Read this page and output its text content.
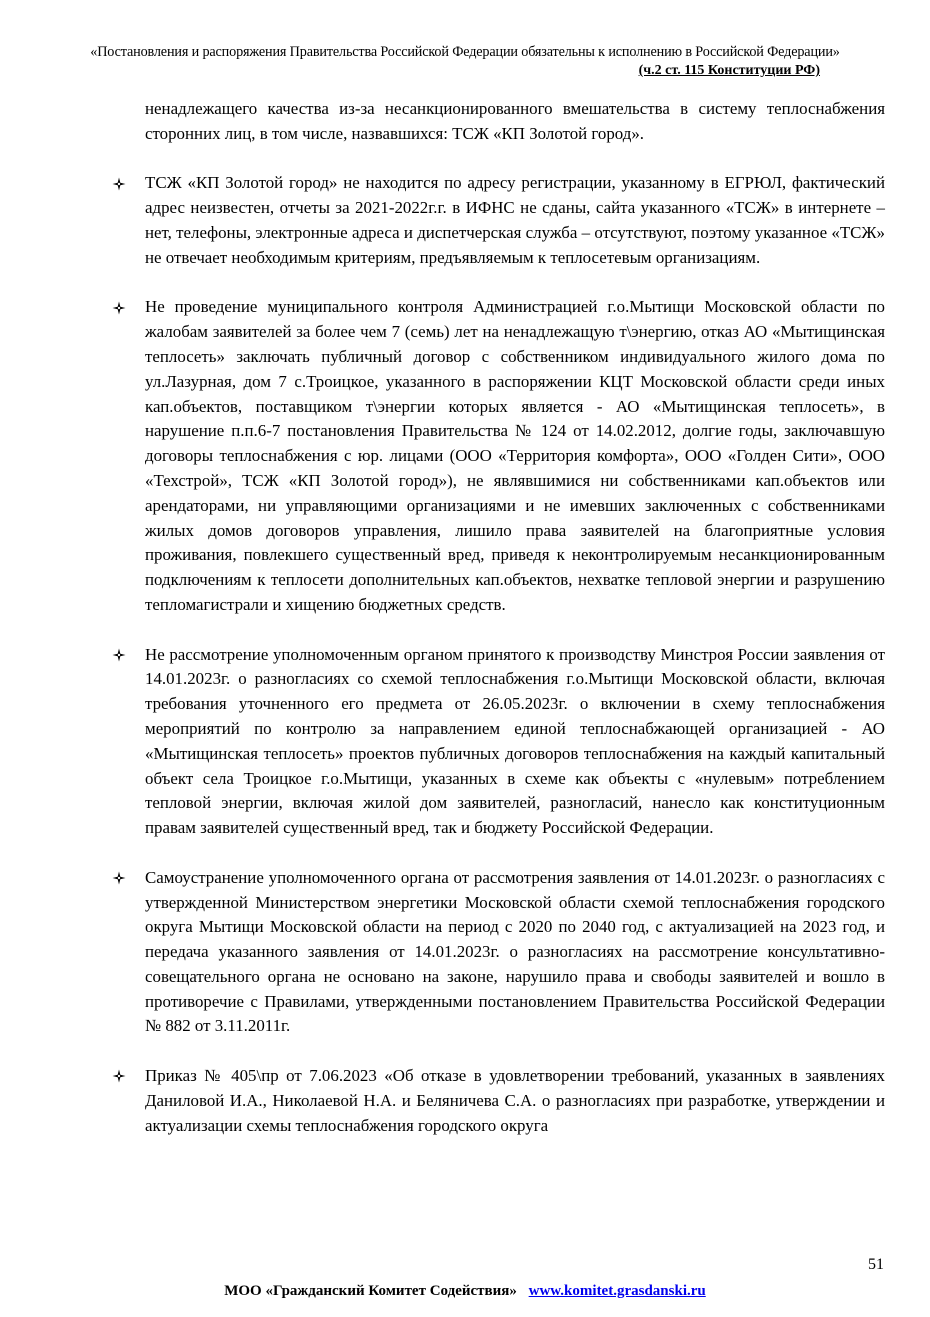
«Постановления и распоряжения Правительства Российской Федерации обязательны к исполнению в Российской Федерации»
(ч.2 ст. 115 Конституции РФ)

ненадлежащего качества из-за несанкционированного вмешательства в систему теплоснабжения сторонних лиц, в том числе, назвавшихся: ТСЖ «КП Золотой город».

ТСЖ «КП Золотой город» не находится по адресу регистрации, указанному в ЕГРЮЛ, фактический адрес неизвестен, отчеты за 2021-2022г.г. в ИФНС не сданы, сайта указанного «ТСЖ» в интернете – нет, телефоны, электронные адреса и диспетчерская служба – отсутствуют, поэтому указанное «ТСЖ» не отвечает необходимым критериям, предъявляемым к теплосетевым организациям.

Не проведение муниципального контроля Администрацией г.о.Мытищи Московской области по жалобам заявителей за более чем 7 (семь) лет на ненадлежащую т\энергию, отказ АО «Мытищинская теплосеть» заключать публичный договор с собственником индивидуального жилого дома по ул.Лазурная, дом 7 с.Троицкое, указанного в распоряжении КЦТ Московской области среди иных кап.объектов, поставщиком т\энергии которых является - АО «Мытищинская теплосеть», в нарушение п.п.6-7 постановления Правительства № 124 от 14.02.2012, долгие годы, заключавшую договоры теплоснабжения с юр. лицами (ООО «Территория комфорта», ООО «Голден Сити», ООО «Техстрой», ТСЖ «КП Золотой город»), не являвшимися ни собственниками кап.объектов или арендаторами, ни управляющими организациями и не имевших заключенных с собственниками жилых домов договоров управления, лишило права заявителей на благоприятные условия проживания, повлекшего существенный вред, приведя к неконтролируемым несанкционированным подключениям к теплосети дополнительных кап.объектов, нехватке тепловой энергии и разрушению тепломагистрали и хищению бюджетных средств.

Не рассмотрение уполномоченным органом принятого к производству Минстроя России заявления от 14.01.2023г. о разногласиях со схемой теплоснабжения г.о.Мытищи Московской области, включая требования уточненного его предмета от 26.05.2023г. о включении в схему теплоснабжения мероприятий по контролю за направлением единой теплоснабжающей организацией - АО «Мытищинская теплосеть» проектов публичных договоров теплоснабжения на каждый капитальный объект села Троицкое г.о.Мытищи, указанных в схеме как объекты с «нулевым» потреблением тепловой энергии, включая жилой дом заявителей, разногласий, нанесло как конституционным правам заявителей существенный вред, так и бюджету Российской Федерации.

Самоустранение уполномоченного органа от рассмотрения заявления от 14.01.2023г. о разногласиях с утвержденной Министерством энергетики Московской области схемой теплоснабжения городского округа Мытищи Московской области на период с 2020 по 2040 год, с актуализацией на 2023 год, и передача указанного заявления от 14.01.2023г. о разногласиях на рассмотрение консультативно-совещательного органа не основано на законе, нарушило права и свободы заявителей и вошло в противоречие с Правилами, утвержденными постановлением Правительства Российской Федерации № 882 от 3.11.2011г.

Приказ № 405\пр от 7.06.2023 «Об отказе в удовлетворении требований, указанных в заявлениях Даниловой И.А., Николаевой Н.А. и Беляничева С.А. о разногласиях при разработке, утверждении и актуализации схемы теплоснабжения городского округа

51
МОО «Гражданский Комитет Содействия» www.komitet.grasdanski.ru
